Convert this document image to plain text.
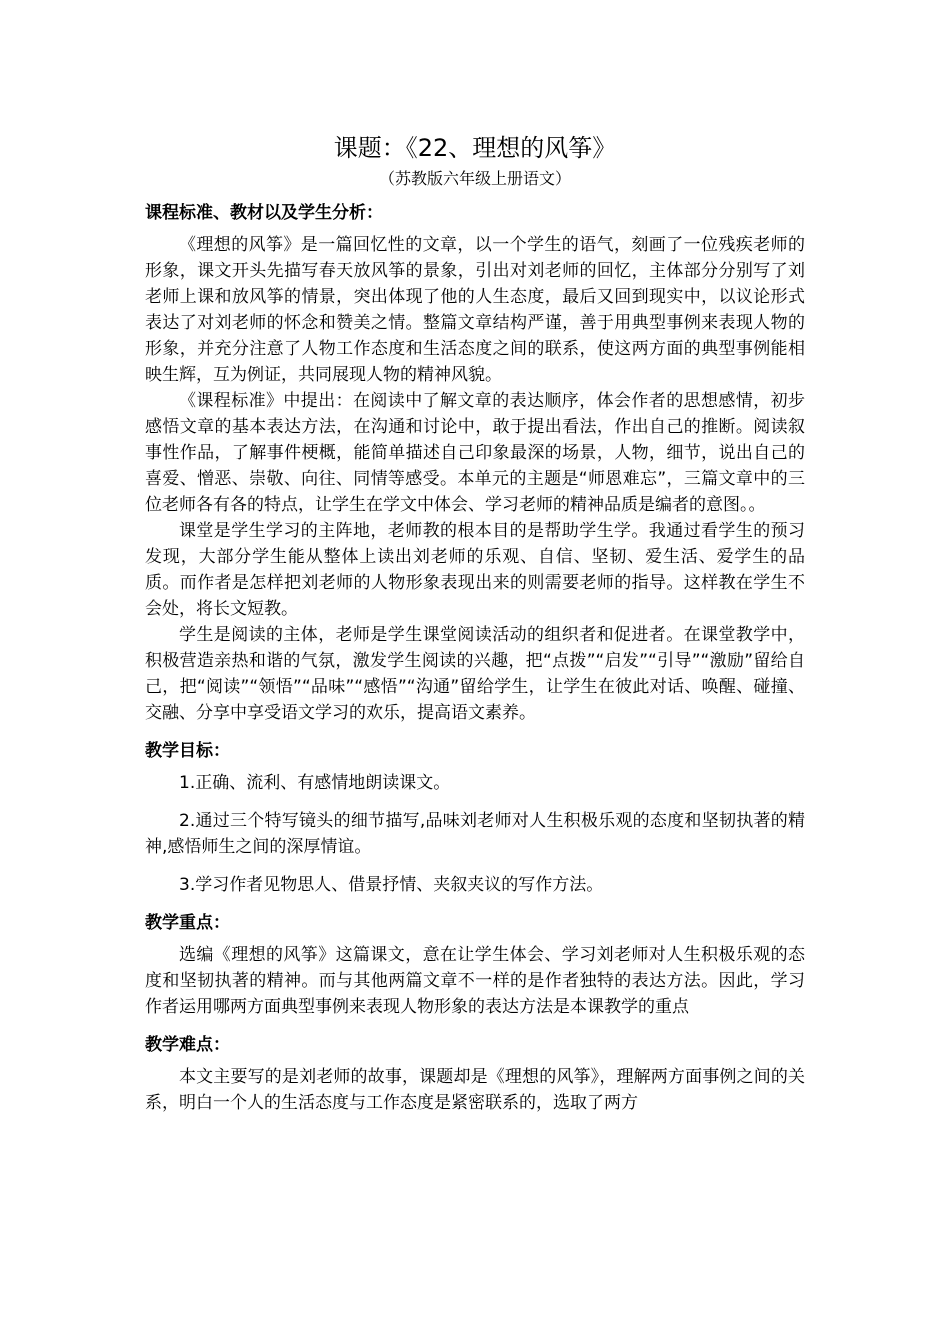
课题：《22、理想的风筝》
（苏教版六年级上册语文）
课程标准、教材以及学生分析：

《理想的风筝》是一篇回忆性的文章，以一个学生的语气，刻画了一位残疾老师的形象，课文开头先描写春天放风筝的景象，引出对刘老师的回忆，主体部分分别写了刘老师上课和放风筝的情景，突出体现了他的人生态度，最后又回到现实中，以议论形式表达了对刘老师的怀念和赞美之情。整篇文章结构严谨，善于用典型事例来表现人物的形象，并充分注意了人物工作态度和生活态度之间的联系，使这两方面的典型事例能相映生辉，互为例证，共同展现人物的精神风貌。

《课程标准》中提出：在阅读中了解文章的表达顺序，体会作者的思想感情，初步感悟文章的基本表达方法，在沟通和讨论中，敢于提出看法，作出自己的推断。阅读叙事性作品，了解事件梗概，能简单描述自己印象最深的场景，人物，细节，说出自己的喜爱、憎恶、崇敬、向往、同情等感受。本单元的主题是“师恩难忘”，三篇文章中的三位老师各有各的特点，让学生在学文中体会、学习老师的精神品质是编者的意图。。

课堂是学生学习的主阵地，老师教的根本目的是帮助学生学。我通过看学生的预习发现，大部分学生能从整体上读出刘老师的乐观、自信、坚韧、爱生活、爱学生的品质。而作者是怎样把刘老师的人物形象表现出来的则需要老师的指导。这样教在学生不会处，将长文短教。

学生是阅读的主体，老师是学生课堂阅读活动的组织者和促进者。在课堂教学中，积极营造亲热和谐的气氛，激发学生阅读的兴趣，把“点拨”“启发”“引导”“激励”留给自己，把“阅读”“领悟”“品味”“感悟”“沟通”留给学生，让学生在彼此对话、唤醒、碰撞、交融、分享中享受语文学习的欢乐，提高语文素养。

教学目标：

1.正确、流利、有感情地朗读课文。

2.通过三个特写镜头的细节描写,品味刘老师对人生积极乐观的态度和坚韧执著的精神,感悟师生之间的深厚情谊。

3.学习作者见物思人、借景抒情、夹叙夹议的写作方法。

教学重点：

选编《理想的风筝》这篇课文，意在让学生体会、学习刘老师对人生积极乐观的态度和坚韧执著的精神。而与其他两篇文章不一样的是作者独特的表达方法。因此，学习作者运用哪两方面典型事例来表现人物形象的表达方法是本课教学的重点

教学难点：

本文主要写的是刘老师的故事，课题却是《理想的风筝》，理解两方面事例之间的关系，明白一个人的生活态度与工作态度是紧密联系的，选取了两方
